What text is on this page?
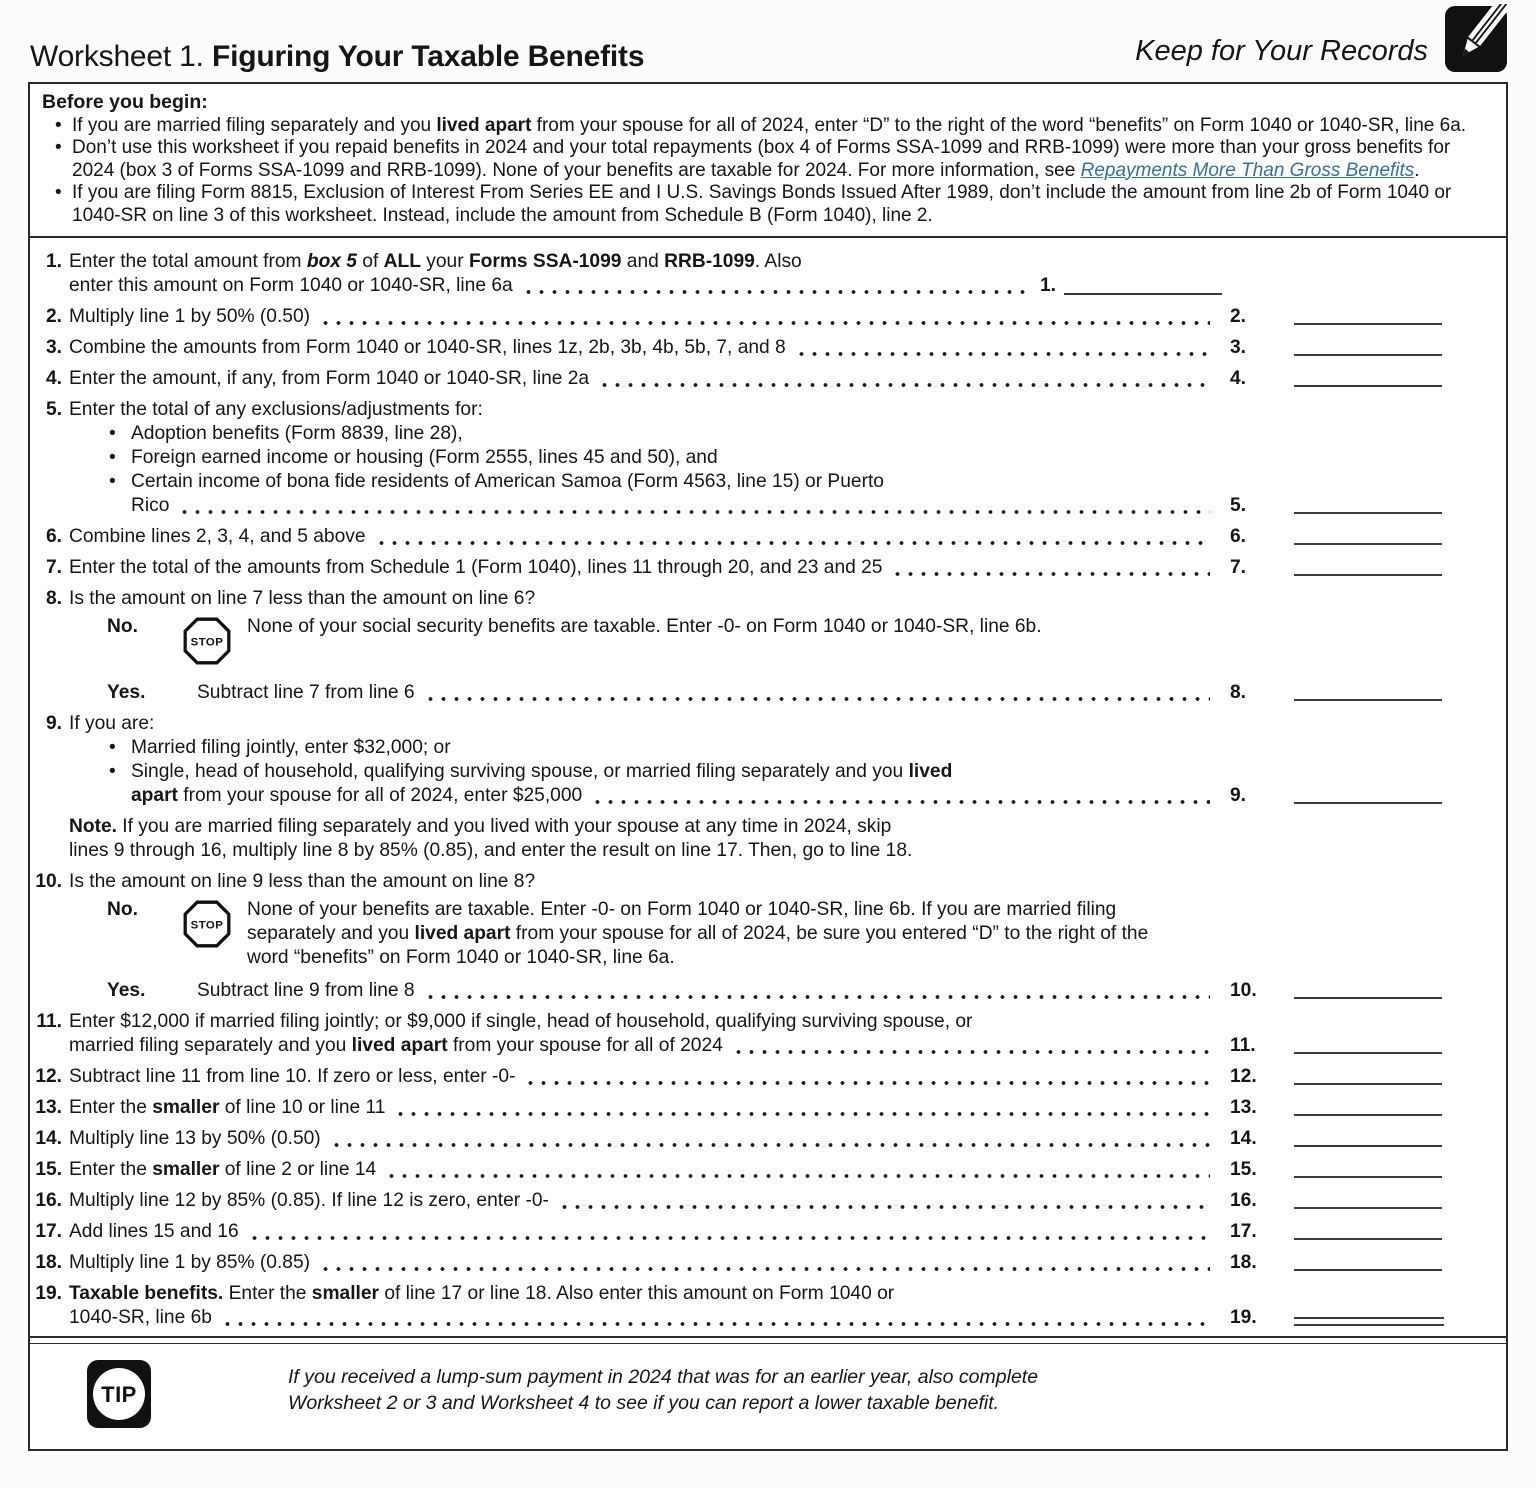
Worksheet 1. Figuring Your Taxable Benefits	Keep for Your Records
Before you begin:
• If you are married filing separately and you lived apart from your spouse for all of 2024, enter “D” to the right of the word “benefits” on Form 1040 or 1040-SR, line 6a.
• Don’t use this worksheet if you repaid benefits in 2024 and your total repayments (box 4 of Forms SSA-1099 and RRB-1099) were more than your gross benefits for 2024 (box 3 of Forms SSA-1099 and RRB-1099). None of your benefits are taxable for 2024. For more information, see Repayments More Than Gross Benefits.
• If you are filing Form 8815, Exclusion of Interest From Series EE and I U.S. Savings Bonds Issued After 1989, don’t include the amount from line 2b of Form 1040 or 1040-SR on line 3 of this worksheet. Instead, include the amount from Schedule B (Form 1040), line 2.
1. Enter the total amount from box 5 of ALL your Forms SSA-1099 and RRB-1099. Also
enter this amount on Form 1040 or 1040-SR, line 6a	1.
2. Multiply line 1 by 50% (0.50)	2.
3. Combine the amounts from Form 1040 or 1040-SR, lines 1z, 2b, 3b, 4b, 5b, 7, and 8	3.
4. Enter the amount, if any, from Form 1040 or 1040-SR, line 2a	4.
5. Enter the total of any exclusions/adjustments for:
• Adoption benefits (Form 8839, line 28),
• Foreign earned income or housing (Form 2555, lines 45 and 50), and
• Certain income of bona fide residents of American Samoa (Form 4563, line 15) or Puerto
Rico	5.
6. Combine lines 2, 3, 4, and 5 above	6.
7. Enter the total of the amounts from Schedule 1 (Form 1040), lines 11 through 20, and 23 and 25	7.
8. Is the amount on line 7 less than the amount on line 6?
No.
STOP
None of your social security benefits are taxable. Enter -0- on Form 1040 or 1040-SR, line 6b.
Yes.	Subtract line 7 from line 6	8.
9. If you are:
• Married filing jointly, enter $32,000; or
• Single, head of household, qualifying surviving spouse, or married filing separately and you lived
apart from your spouse for all of 2024, enter $25,000	9.
Note. If you are married filing separately and you lived with your spouse at any time in 2024, skip lines 9 through 16, multiply line 8 by 85% (0.85), and enter the result on line 17. Then, go to line 18.
10. Is the amount on line 9 less than the amount on line 8?
No.
STOP
None of your benefits are taxable. Enter -0- on Form 1040 or 1040-SR, line 6b. If you are married filing separately and you lived apart from your spouse for all of 2024, be sure you entered “D” to the right of the word “benefits” on Form 1040 or 1040-SR, line 6a.
Yes.	Subtract line 9 from line 8	10.
11. Enter $12,000 if married filing jointly; or $9,000 if single, head of household, qualifying surviving spouse, or
married filing separately and you lived apart from your spouse for all of 2024	11.
12. Subtract line 11 from line 10. If zero or less, enter -0-	12.
13. Enter the smaller of line 10 or line 11	13.
14. Multiply line 13 by 50% (0.50)	14.
15. Enter the smaller of line 2 or line 14	15.
16. Multiply line 12 by 85% (0.85). If line 12 is zero, enter -0-	16.
17. Add lines 15 and 16	17.
18. Multiply line 1 by 85% (0.85)	18.
19. Taxable benefits. Enter the smaller of line 17 or line 18. Also enter this amount on Form 1040 or
1040-SR, line 6b	19.
TIP
If you received a lump-sum payment in 2024 that was for an earlier year, also complete
Worksheet 2 or 3 and Worksheet 4 to see if you can report a lower taxable benefit.
